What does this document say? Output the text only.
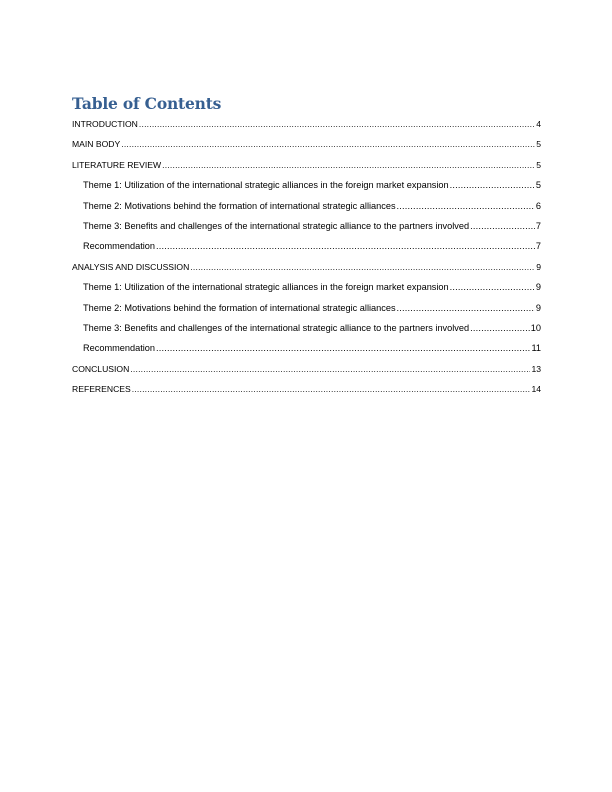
Table of Contents
INTRODUCTION .....	4
MAIN BODY .....	5
LITERATURE REVIEW .....	5
Theme 1: Utilization of the international strategic alliances in the foreign market expansion .....	5
Theme 2: Motivations behind the formation of international strategic alliances .....	6
Theme 3: Benefits and challenges of the international strategic alliance to the partners involved .....	7
Recommendation .....	7
ANALYSIS AND DISCUSSION .....	9
Theme 1: Utilization of the international strategic alliances in the foreign market expansion .....	9
Theme 2: Motivations behind the formation of international strategic alliances .....	9
Theme 3: Benefits and challenges of the international strategic alliance to the partners involved .....	10
Recommendation .....	11
CONCLUSION .....	13
REFERENCES .....	14
